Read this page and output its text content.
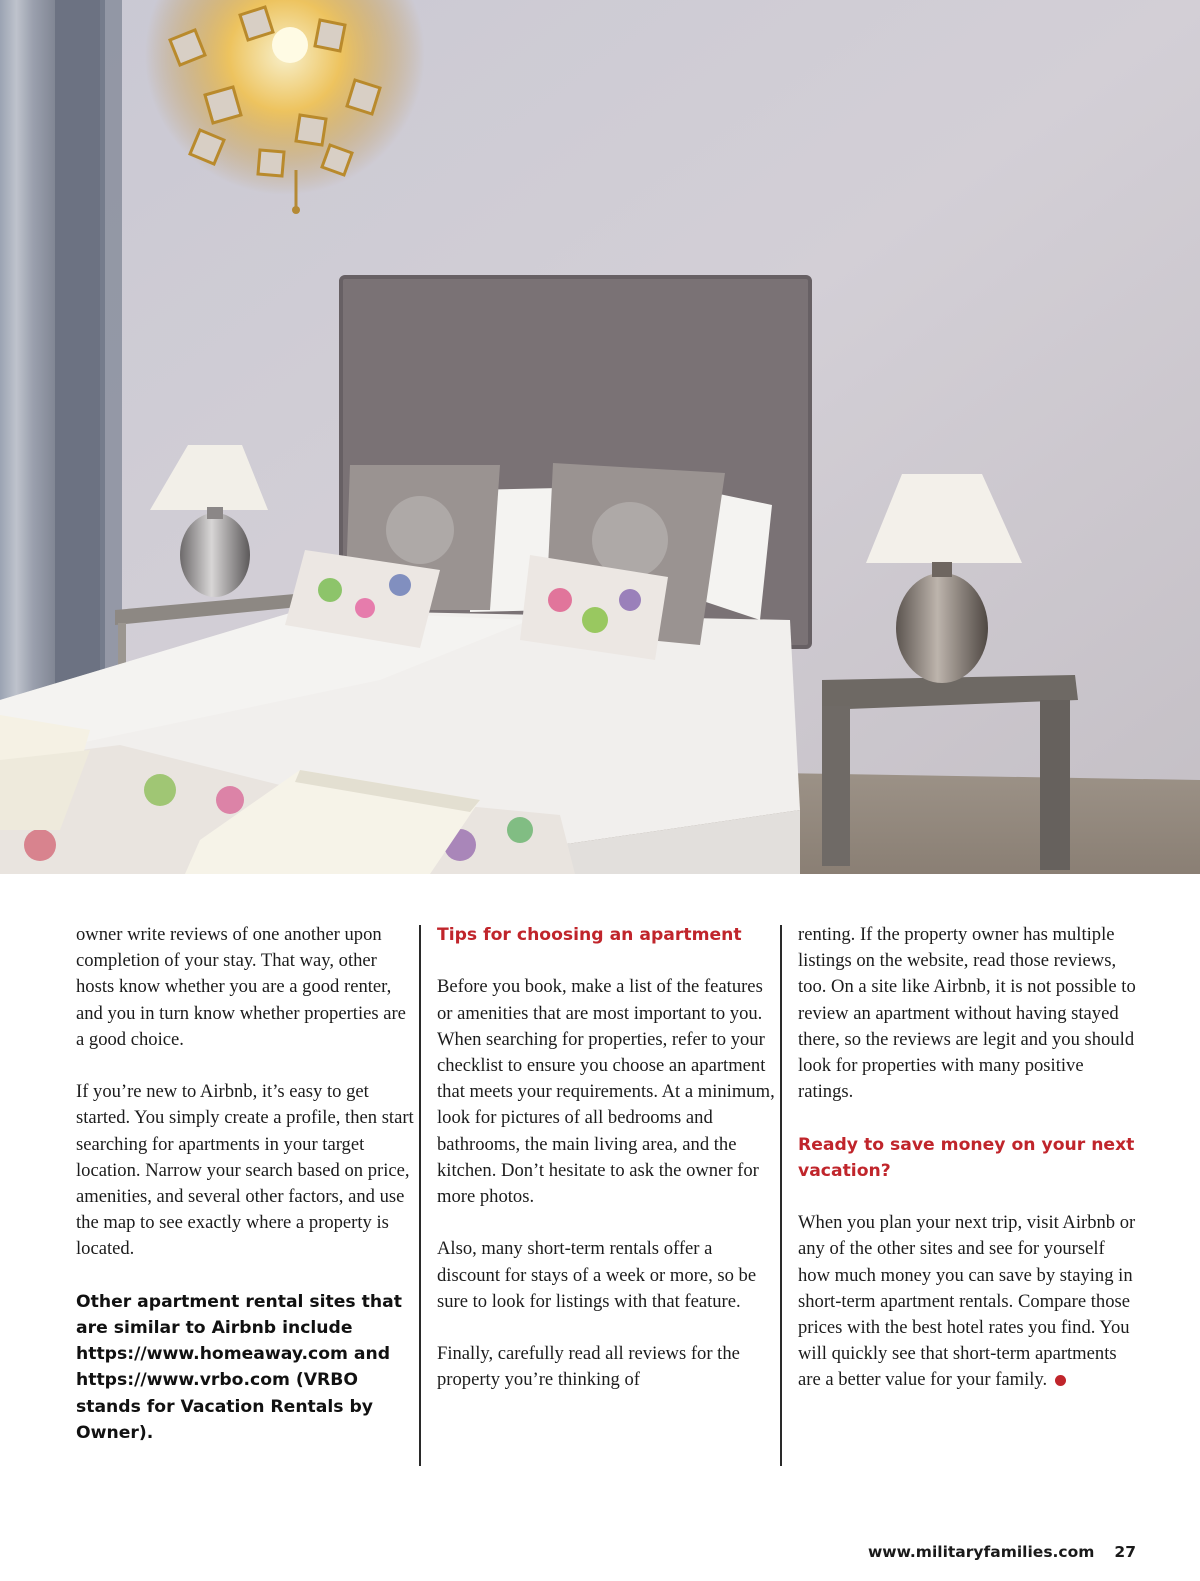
owner write reviews of one another upon completion of your stay. That way, other hosts know whether you are a good renter, and you in turn know whether properties are a good choice.

If you’re new to Airbnb, it’s easy to get started. You simply create a profile, then start searching for apartments in your target location. Narrow your search based on price, amenities, and several other factors, and use the map to see exactly where a property is located.

Other apartment rental sites that are similar to Airbnb include https://www.homeaway.com and https://www.vrbo.com (VRBO stands for Vacation Rentals by Owner).

Tips for choosing an apartment

Before you book, make a list of the features or amenities that are most important to you. When searching for properties, refer to your checklist to ensure you choose an apartment that meets your requirements. At a minimum, look for pictures of all bedrooms and bathrooms, the main living area, and the kitchen. Don’t hesitate to ask the owner for more photos.

Also, many short-term rentals offer a discount for stays of a week or more, so be sure to look for listings with that feature.

Finally, carefully read all reviews for the property you’re thinking of

renting. If the property owner has multiple listings on the website, read those reviews, too. On a site like Airbnb, it is not possible to review an apartment without having stayed there, so the reviews are legit and you should look for properties with many positive ratings.

Ready to save money on your next vacation?

When you plan your next trip, visit Airbnb or any of the other sites and see for yourself how much money you can save by staying in short-term apartment rentals. Compare those prices with the best hotel rates you find. You will quickly see that short-term apartments are a better value for your family.

www.militaryfamilies.com 27
